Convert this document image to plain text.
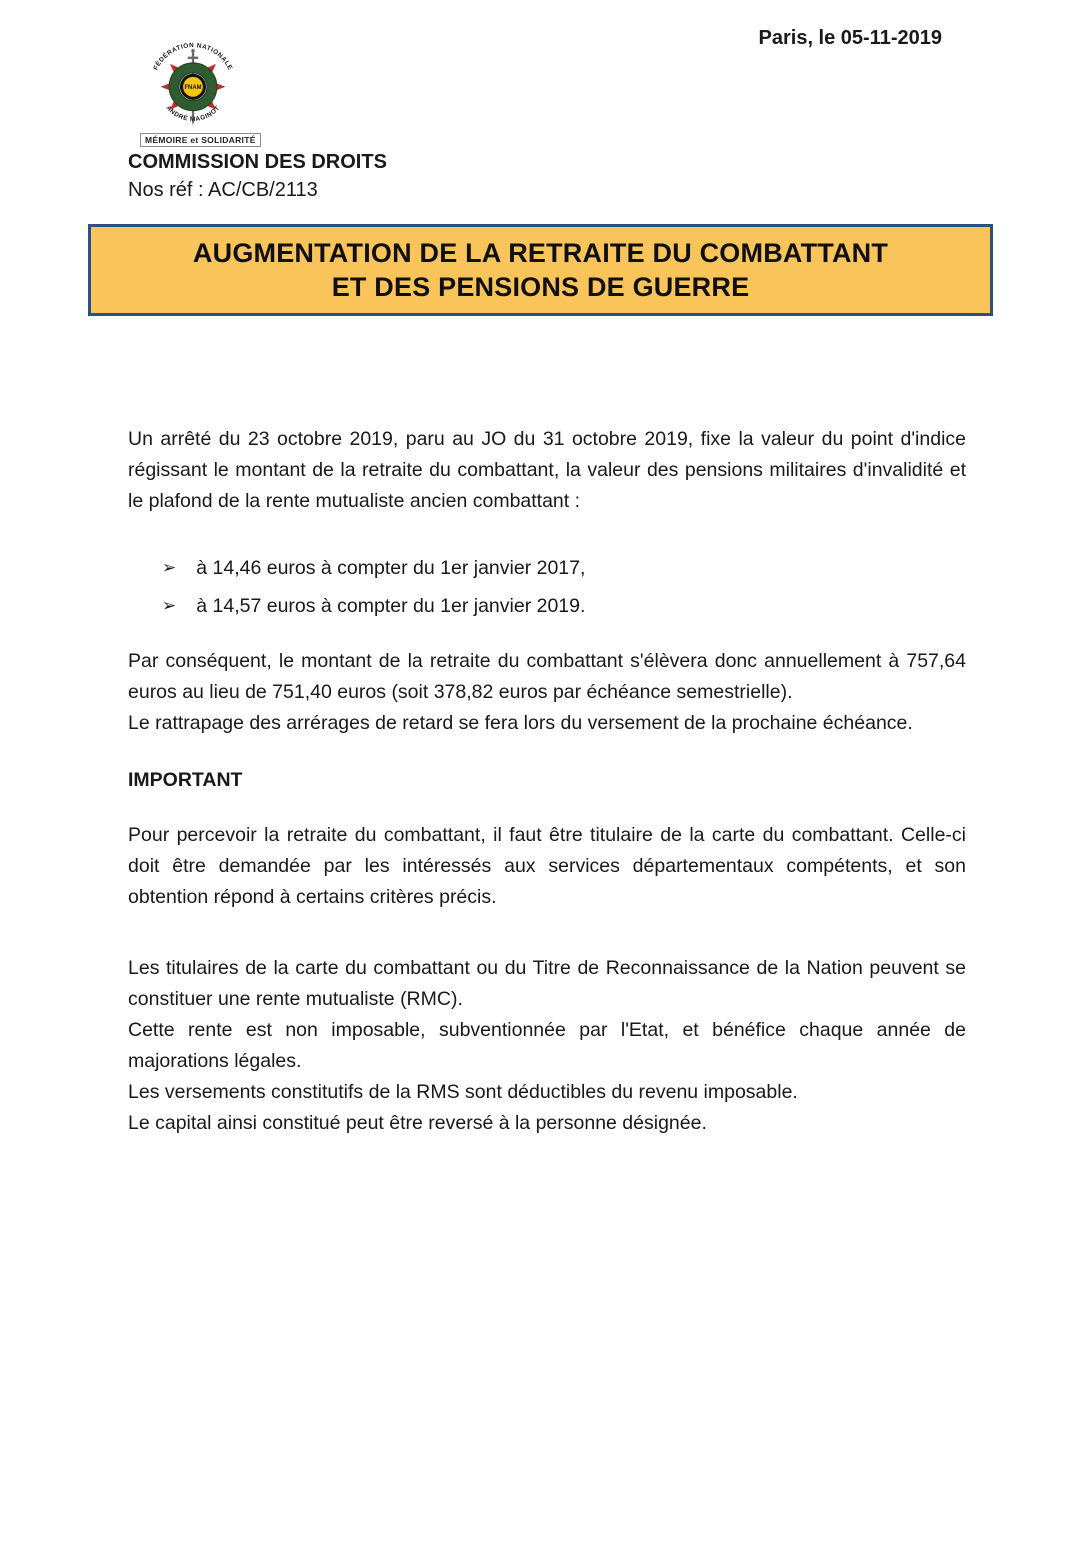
Paris, le 05-11-2019
FNAM
FÉDÉRATION NATIONALE
ANDRÉ MAGINOT
MÉMOIRE et SOLIDARITÉ
COMMISSION DES DROITS
Nos réf : AC/CB/2113
AUGMENTATION DE LA RETRAITE DU COMBATTANT
ET DES PENSIONS DE GUERRE
Un arrêté du 23 octobre 2019, paru au JO du 31 octobre 2019, fixe la valeur du point d'indice régissant le montant de la retraite du combattant, la valeur des pensions militaires d'invalidité et le plafond de la rente mutualiste ancien combattant :
➢ à 14,46 euros à compter du 1er janvier 2017,
➢ à 14,57 euros à compter du 1er janvier 2019.
Par conséquent, le montant de la retraite du combattant s'élèvera donc annuellement à 757,64 euros au lieu de 751,40 euros (soit 378,82 euros par échéance semestrielle).
Le rattrapage des arrérages de retard se fera lors du versement de la prochaine échéance.
IMPORTANT
Pour percevoir la retraite du combattant, il faut être titulaire de la carte du combattant. Celle-ci doit être demandée par les intéressés aux services départementaux compétents, et son obtention répond à certains critères précis.
Les titulaires de la carte du combattant ou du Titre de Reconnaissance de la Nation peuvent se constituer une rente mutualiste (RMC).
Cette rente est non imposable, subventionnée par l'Etat, et bénéfice chaque année de majorations légales.
Les versements constitutifs de la RMS sont déductibles du revenu imposable.
Le capital ainsi constitué peut être reversé à la personne désignée.
